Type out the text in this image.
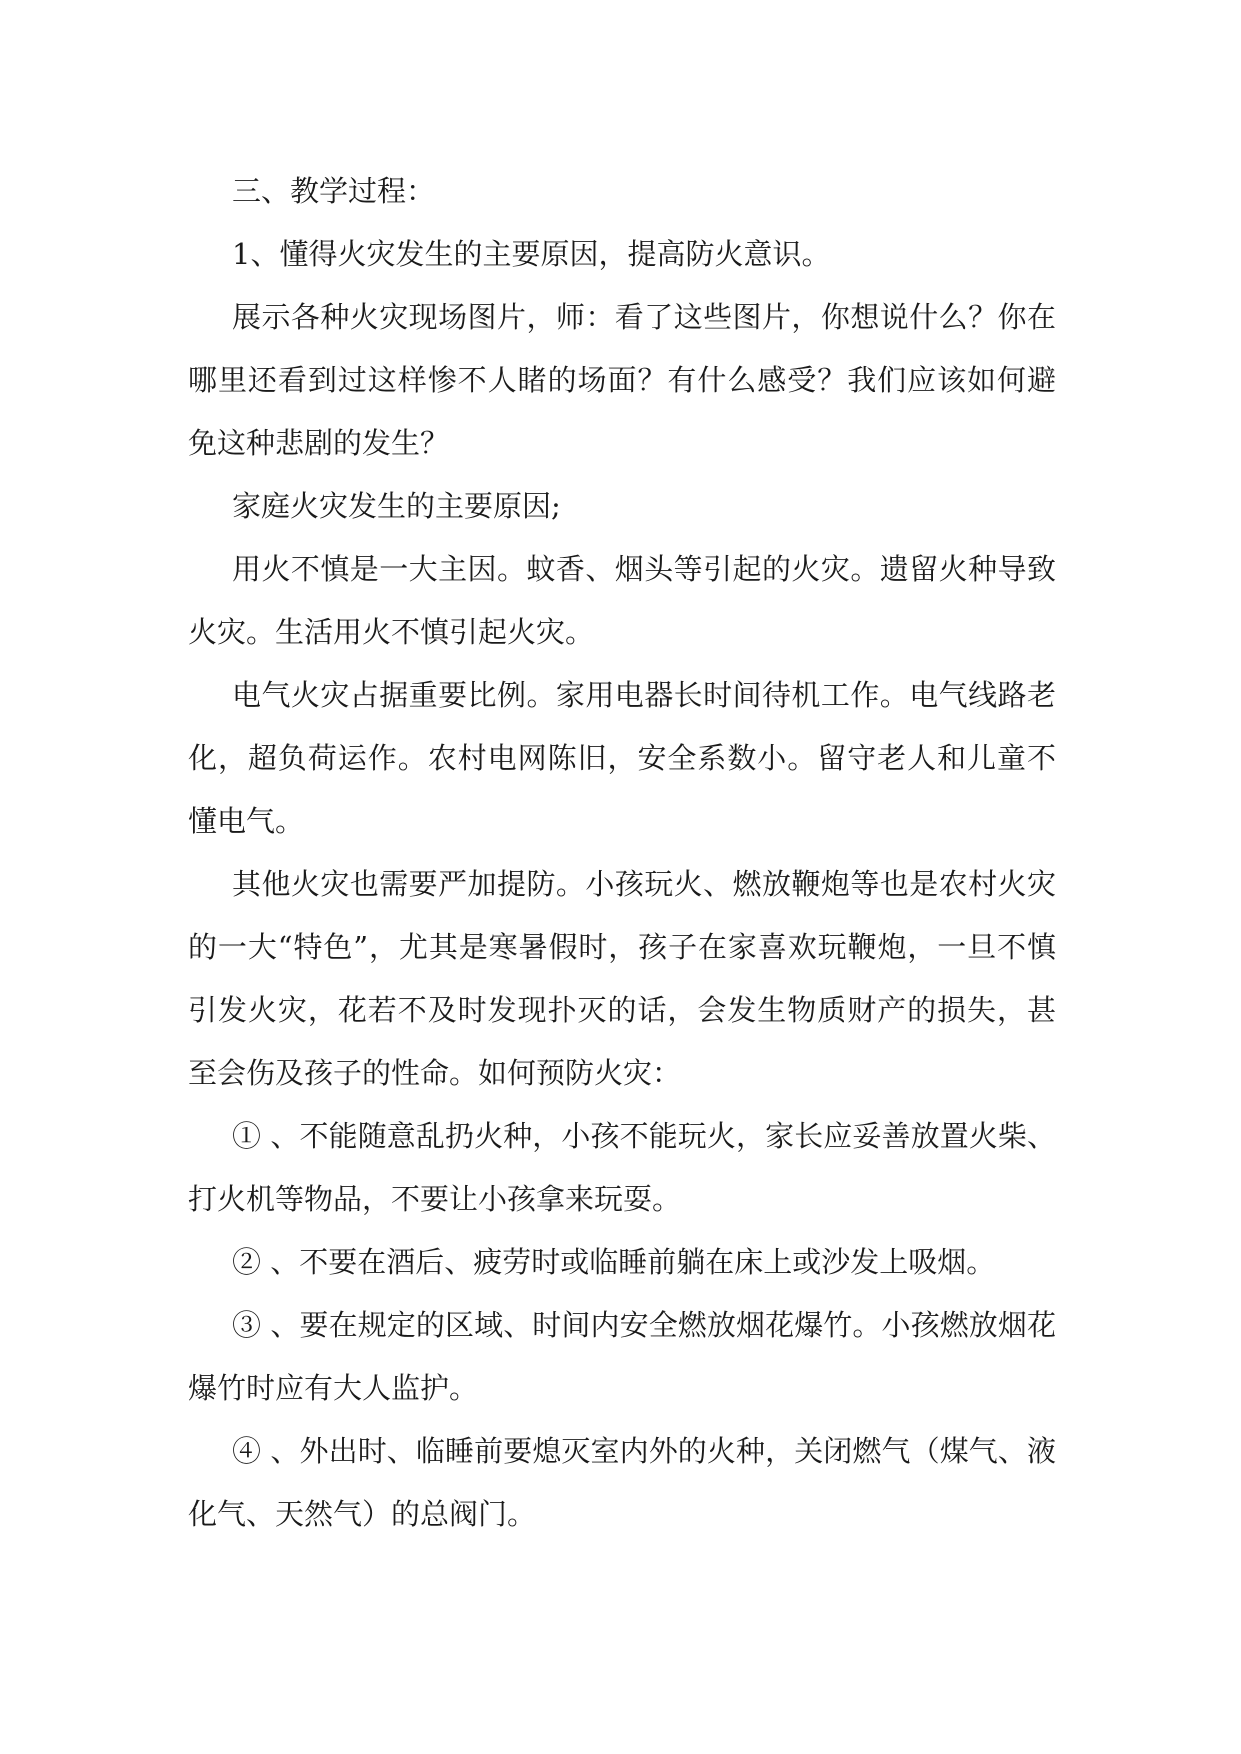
三、教学过程：

1、懂得火灾发生的主要原因，提高防火意识。

展示各种火灾现场图片，师：看了这些图片，你想说什么？你在哪里还看到过这样惨不人睹的场面？有什么感受？我们应该如何避免这种悲剧的发生？

家庭火灾发生的主要原因;

用火不慎是一大主因。蚊香、烟头等引起的火灾。遗留火种导致火灾。生活用火不慎引起火灾。

电气火灾占据重要比例。家用电器长时间待机工作。电气线路老化，超负荷运作。农村电网陈旧，安全系数小。留守老人和儿童不懂电气。

其他火灾也需要严加提防。小孩玩火、燃放鞭炮等也是农村火灾的一大“特色”，尤其是寒暑假时，孩子在家喜欢玩鞭炮，一旦不慎引发火灾，花若不及时发现扑灭的话，会发生物质财产的损失，甚至会伤及孩子的性命。如何预防火灾：

① 、不能随意乱扔火种，小孩不能玩火，家长应妥善放置火柴、打火机等物品，不要让小孩拿来玩耍。

② 、不要在酒后、疲劳时或临睡前躺在床上或沙发上吸烟。

③ 、要在规定的区域、时间内安全燃放烟花爆竹。小孩燃放烟花爆竹时应有大人监护。

④ 、外出时、临睡前要熄灭室内外的火种，关闭燃气（煤气、液化气、天然气）的总阀门。
